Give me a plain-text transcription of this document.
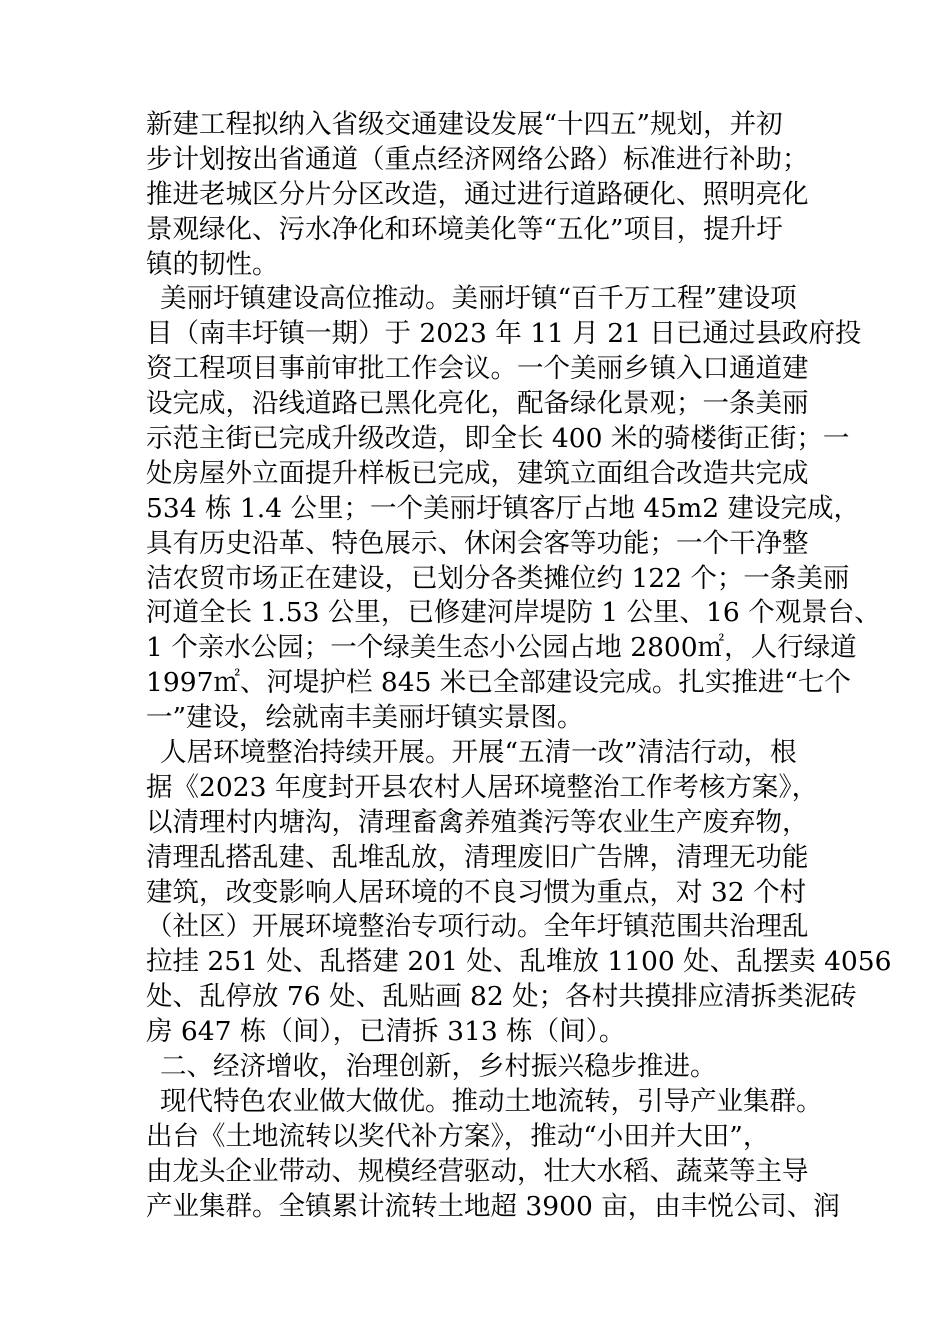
新建工程拟纳入省级交通建设发展“十四五”规划，并初
步计划按出省通道（重点经济网络公路）标准进行补助；
推进老城区分片分区改造，通过进行道路硬化、照明亮化
景观绿化、污水净化和环境美化等“五化”项目，提升圩
镇的韧性。
美丽圩镇建设高位推动。美丽圩镇“百千万工程”建设项
目（南丰圩镇一期）于 2023 年 11 月 21 日已通过县政府投
资工程项目事前审批工作会议。一个美丽乡镇入口通道建
设完成，沿线道路已黑化亮化，配备绿化景观；一条美丽
示范主街已完成升级改造，即全长 400 米的骑楼街正街；一
处房屋外立面提升样板已完成，建筑立面组合改造共完成
534 栋 1.4 公里；一个美丽圩镇客厅占地 45m2 建设完成，
具有历史沿革、特色展示、休闲会客等功能；一个干净整
洁农贸市场正在建设，已划分各类摊位约 122 个；一条美丽
河道全长 1.53 公里，已修建河岸堤防 1 公里、16 个观景台、
1 个亲水公园；一个绿美生态小公园占地 2800㎡，人行绿道
1997㎡、河堤护栏 845 米已全部建设完成。扎实推进“七个
一”建设，绘就南丰美丽圩镇实景图。
人居环境整治持续开展。开展“五清一改”清洁行动，根
据《2023 年度封开县农村人居环境整治工作考核方案》，
以清理村内塘沟，清理畜禽养殖粪污等农业生产废弃物，
清理乱搭乱建、乱堆乱放，清理废旧广告牌，清理无功能
建筑，改变影响人居环境的不良习惯为重点，对 32 个村
（社区）开展环境整治专项行动。全年圩镇范围共治理乱
拉挂 251 处、乱搭建 201 处、乱堆放 1100 处、乱摆卖 4056
处、乱停放 76 处、乱贴画 82 处；各村共摸排应清拆类泥砖
房 647 栋（间），已清拆 313 栋（间）。
二、经济增收，治理创新，乡村振兴稳步推进。
现代特色农业做大做优。推动土地流转，引导产业集群。
出台《土地流转以奖代补方案》，推动“小田并大田”，
由龙头企业带动、规模经营驱动，壮大水稻、蔬菜等主导
产业集群。全镇累计流转土地超 3900 亩，由丰悦公司、润
